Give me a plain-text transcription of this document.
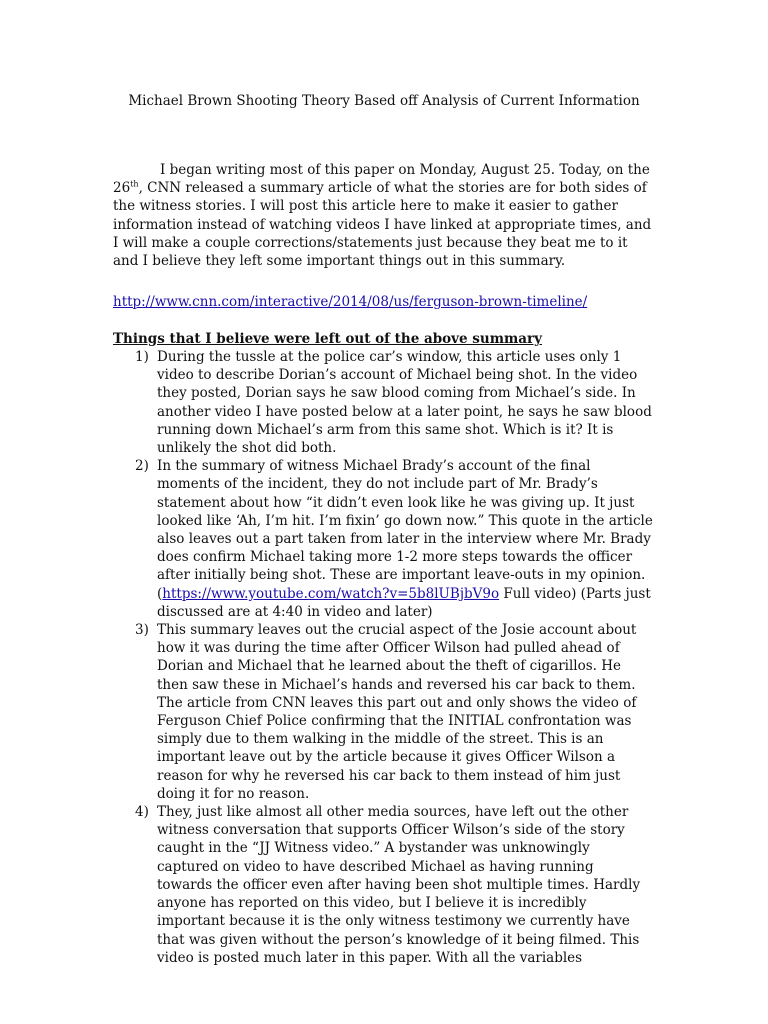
Michael Brown Shooting Theory Based off Analysis of Current Information
I began writing most of this paper on Monday, August 25. Today, on the 26th, CNN released a summary article of what the stories are for both sides of the witness stories. I will post this article here to make it easier to gather information instead of watching videos I have linked at appropriate times, and I will make a couple corrections/statements just because they beat me to it and I believe they left some important things out in this summary.
http://www.cnn.com/interactive/2014/08/us/ferguson-brown-timeline/
Things that I believe were left out of the above summary
1) During the tussle at the police car’s window, this article uses only 1 video to describe Dorian’s account of Michael being shot. In the video they posted, Dorian says he saw blood coming from Michael’s side. In another video I have posted below at a later point, he says he saw blood running down Michael’s arm from this same shot. Which is it? It is unlikely the shot did both.
2) In the summary of witness Michael Brady’s account of the final moments of the incident, they do not include part of Mr. Brady’s statement about how “it didn’t even look like he was giving up. It just looked like ‘Ah, I’m hit. I’m fixin’ go down now.” This quote in the article also leaves out a part taken from later in the interview where Mr. Brady does confirm Michael taking more 1-2 more steps towards the officer after initially being shot. These are important leave-outs in my opinion. (https://www.youtube.com/watch?v=5b8lUBjbV9o Full video) (Parts just discussed are at 4:40 in video and later)
3) This summary leaves out the crucial aspect of the Josie account about how it was during the time after Officer Wilson had pulled ahead of Dorian and Michael that he learned about the theft of cigarillos. He then saw these in Michael’s hands and reversed his car back to them. The article from CNN leaves this part out and only shows the video of Ferguson Chief Police confirming that the INITIAL confrontation was simply due to them walking in the middle of the street. This is an important leave out by the article because it gives Officer Wilson a reason for why he reversed his car back to them instead of him just doing it for no reason.
4) They, just like almost all other media sources, have left out the other witness conversation that supports Officer Wilson’s side of the story caught in the “JJ Witness video.” A bystander was unknowingly captured on video to have described Michael as having running towards the officer even after having been shot multiple times. Hardly anyone has reported on this video, but I believe it is incredibly important because it is the only witness testimony we currently have that was given without the person’s knowledge of it being filmed. This video is posted much later in this paper. With all the variables
